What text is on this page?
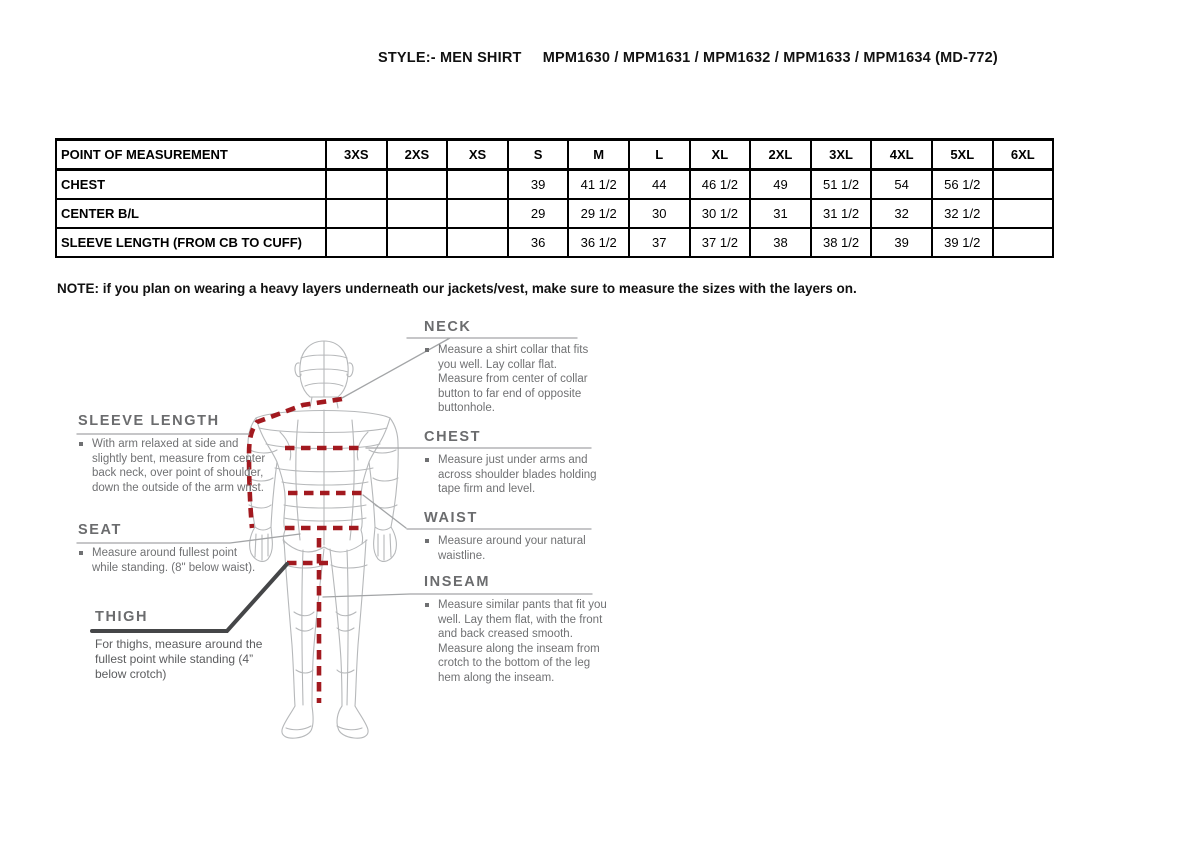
STYLE:- MEN SHIRT     MPM1630 / MPM1631 / MPM1632 / MPM1633 / MPM1634 (MD-772)
POINT OF MEASUREMENT	3XS	2XS	XS	S	M	L	XL	2XL	3XL	4XL	5XL	6XL
CHEST				39	41 1/2	44	46 1/2	49	51 1/2	54	56 1/2	
CENTER B/L				29	29 1/2	30	30 1/2	31	31 1/2	32	32 1/2	
SLEEVE LENGTH (FROM CB TO CUFF)				36	36 1/2	37	37 1/2	38	38 1/2	39	39 1/2	
NOTE: if you plan on wearing a heavy layers underneath our jackets/vest, make sure to measure the sizes with the layers on.
SLEEVE LENGTH
With arm relaxed at side and slightly bent, measure from center back neck, over point of shoulder, down the outside of the arm wrist.
SEAT
Measure around fullest point while standing. (8" below waist).
THIGH
For thighs, measure around the fullest point while standing (4” below crotch)
NECK
Measure a shirt collar that fits you well. Lay collar flat. Measure from center of collar button to far end of opposite buttonhole.
CHEST
Measure just under arms and across shoulder blades holding tape firm and level.
WAIST
Measure around your natural waistline.
INSEAM
Measure similar pants that fit you well. Lay them flat, with the front and back creased smooth. Measure along the inseam from crotch to the bottom of the leg hem along the inseam.
